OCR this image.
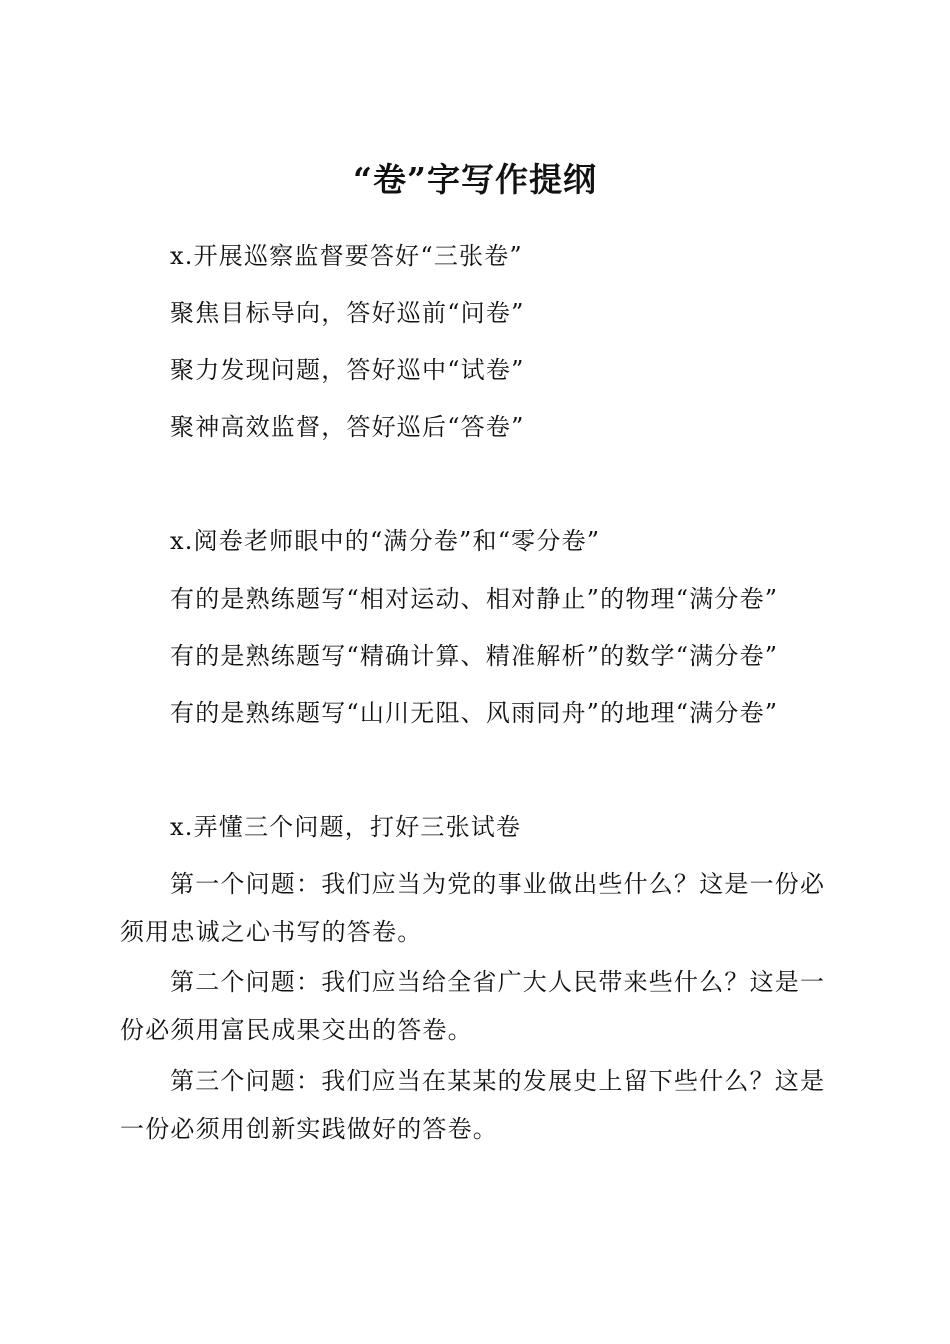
“卷”字写作提纲
x.开展巡察监督要答好“三张卷”
聚焦目标导向，答好巡前“问卷”
聚力发现问题，答好巡中“试卷”
聚神高效监督，答好巡后“答卷”
x.阅卷老师眼中的“满分卷”和“零分卷”
有的是熟练题写“相对运动、相对静止”的物理“满分卷”
有的是熟练题写“精确计算、精准解析”的数学“满分卷”
有的是熟练题写“山川无阻、风雨同舟”的地理“满分卷”
x.弄懂三个问题，打好三张试卷
第一个问题：我们应当为党的事业做出些什么？这是一份必
须用忠诚之心书写的答卷。
第二个问题：我们应当给全省广大人民带来些什么？这是一
份必须用富民成果交出的答卷。
第三个问题：我们应当在某某的发展史上留下些什么？这是
一份必须用创新实践做好的答卷。
